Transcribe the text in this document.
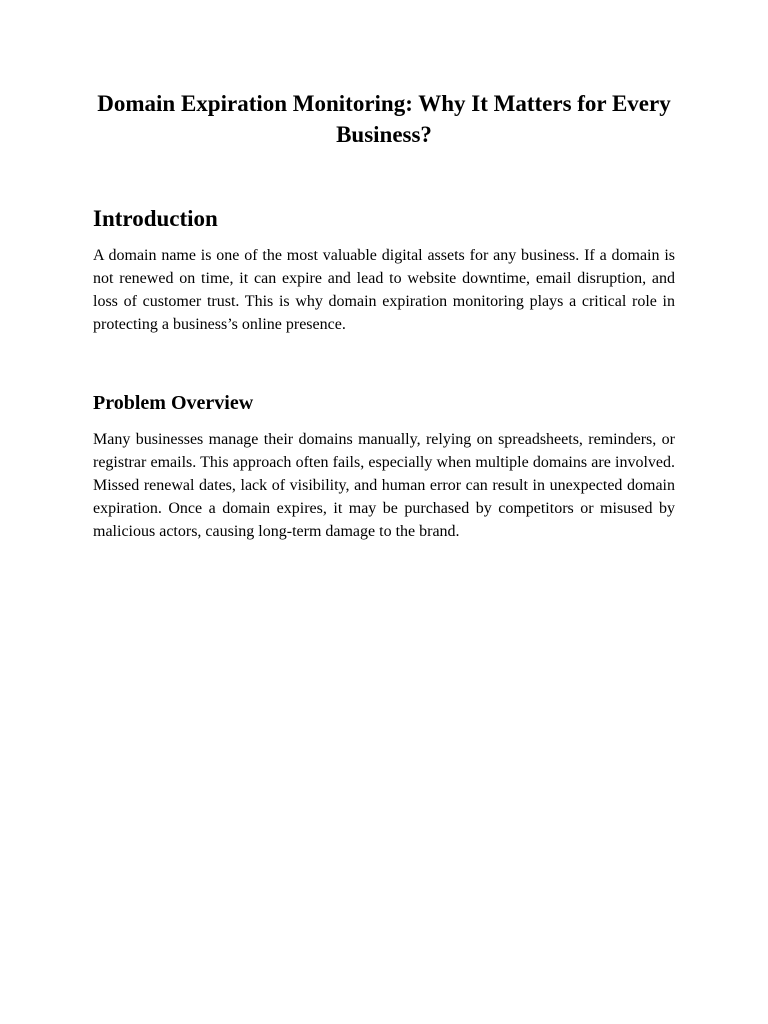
Domain Expiration Monitoring: Why It Matters for Every Business?
Introduction

A domain name is one of the most valuable digital assets for any business. If a domain is not renewed on time, it can expire and lead to website downtime, email disruption, and loss of customer trust. This is why domain expiration monitoring plays a critical role in protecting a business’s online presence.

Problem Overview

Many businesses manage their domains manually, relying on spreadsheets, reminders, or registrar emails. This approach often fails, especially when multiple domains are involved. Missed renewal dates, lack of visibility, and human error can result in unexpected domain expiration. Once a domain expires, it may be purchased by competitors or misused by malicious actors, causing long-term damage to the brand.
